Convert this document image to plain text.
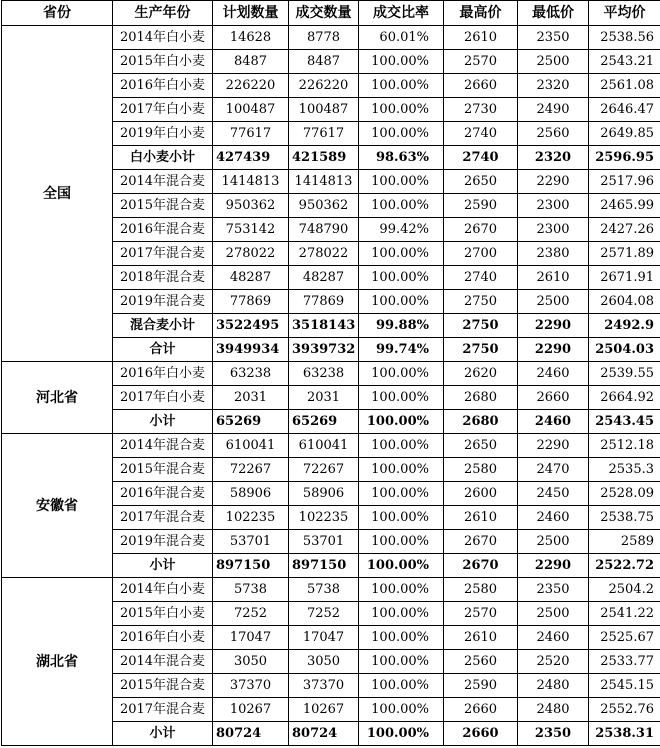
省份	生产年份	计划数量	成交数量	成交比率	最高价	最低价	平均价
全国	2014年白小麦	14628	8778	60.01%	2610	2350	2538.56
	2015年白小麦	8487	8487	100.00%	2570	2500	2543.21
	2016年白小麦	226220	226220	100.00%	2660	2320	2561.08
	2017年白小麦	100487	100487	100.00%	2730	2490	2646.47
	2019年白小麦	77617	77617	100.00%	2740	2560	2649.85
	白小麦小计	427439	421589	98.63%	2740	2320	2596.95
	2014年混合麦	1414813	1414813	100.00%	2650	2290	2517.96
	2015年混合麦	950362	950362	100.00%	2590	2300	2465.99
	2016年混合麦	753142	748790	99.42%	2670	2300	2427.26
	2017年混合麦	278022	278022	100.00%	2700	2380	2571.89
	2018年混合麦	48287	48287	100.00%	2740	2610	2671.91
	2019年混合麦	77869	77869	100.00%	2750	2500	2604.08
	混合麦小计	3522495	3518143	99.88%	2750	2290	2492.9
	合计	3949934	3939732	99.74%	2750	2290	2504.03
河北省	2016年白小麦	63238	63238	100.00%	2620	2460	2539.55
	2017年白小麦	2031	2031	100.00%	2680	2660	2664.92
	小计	65269	65269	100.00%	2680	2460	2543.45
安徽省	2014年混合麦	610041	610041	100.00%	2650	2290	2512.18
	2015年混合麦	72267	72267	100.00%	2580	2470	2535.3
	2016年混合麦	58906	58906	100.00%	2600	2450	2528.09
	2017年混合麦	102235	102235	100.00%	2610	2460	2538.75
	2019年混合麦	53701	53701	100.00%	2670	2500	2589
	小计	897150	897150	100.00%	2670	2290	2522.72
湖北省	2014年白小麦	5738	5738	100.00%	2580	2350	2504.2
	2015年白小麦	7252	7252	100.00%	2570	2500	2541.22
	2016年白小麦	17047	17047	100.00%	2610	2460	2525.67
	2014年混合麦	3050	3050	100.00%	2560	2520	2533.77
	2015年混合麦	37370	37370	100.00%	2590	2480	2545.15
	2017年混合麦	10267	10267	100.00%	2660	2480	2552.76
	小计	80724	80724	100.00%	2660	2350	2538.31
